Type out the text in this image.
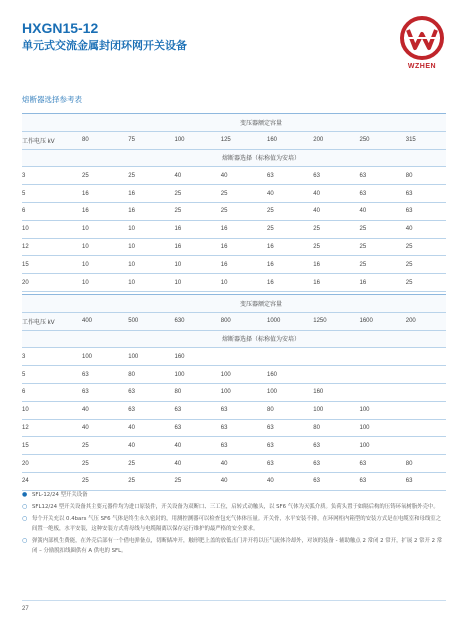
HXGN15-12
单元式交流金属封闭环网开关设备
WZHEN
熔断器选择参考表
	变压器额定容量							
工作电压 kV	80	75	100	125	160	200	250	315
	熔断器选择（标称值为安培）							
3	25	25	40	40	63	63	63	80
5	16	16	25	25	40	40	63	63
6	16	16	25	25	25	40	40	63
10	10	10	16	16	25	25	25	40
12	10	10	16	16	16	25	25	25
15	10	10	10	16	16	16	25	25
20	10	10	10	10	16	16	16	25

	变压器额定容量							
工作电压 kV	400	500	630	800	1000	1250	1600	200
	熔断器选择（标称值为安培）							
3	100	100	160					
5	63	80	100	100	160			
6	63	63	80	100	100	160		
10	40	63	63	63	80	100	100	
12	40	40	63	63	63	80	100	
15	25	40	40	63	63	63	100	
20	25	25	40	40	63	63	63	80
24	25	25	25	40	40	63	63	63
● SFL-12/24 型开关设备
○ SFL12/24 型开关设备其主要元器件均为进口原装件，开关设备为双断口、三工位，启转式动触头，以 SF6 气体为灭弧介质。负荷头置于如隔后构的压铸环氧树脂外壳中。
○ 每个开关充以 0.4bars 气压 SF6 气体是终生永久密封的，用测控测器可以检查包充气体体压量。开关骨，水平安装不排，在环网柜内箱型的安装方式是在电缆室和母线室之间置一绝板，水平安装，这种安装方式将母线与电缆隔离以保存运行维护的最严格的安全要求。
○ 弹簧内部机生费能，在外壳后部有一个借电弹备点，切断储冲开，触形肥上盖的放低击门并开将以压气流体冷却外，对该的装备 - 辅助触点 2 常闭 2 常开，扩展 2 常开 2 常闭 – 分励脱扣线圈供有 A 供电的 SFL。
27
